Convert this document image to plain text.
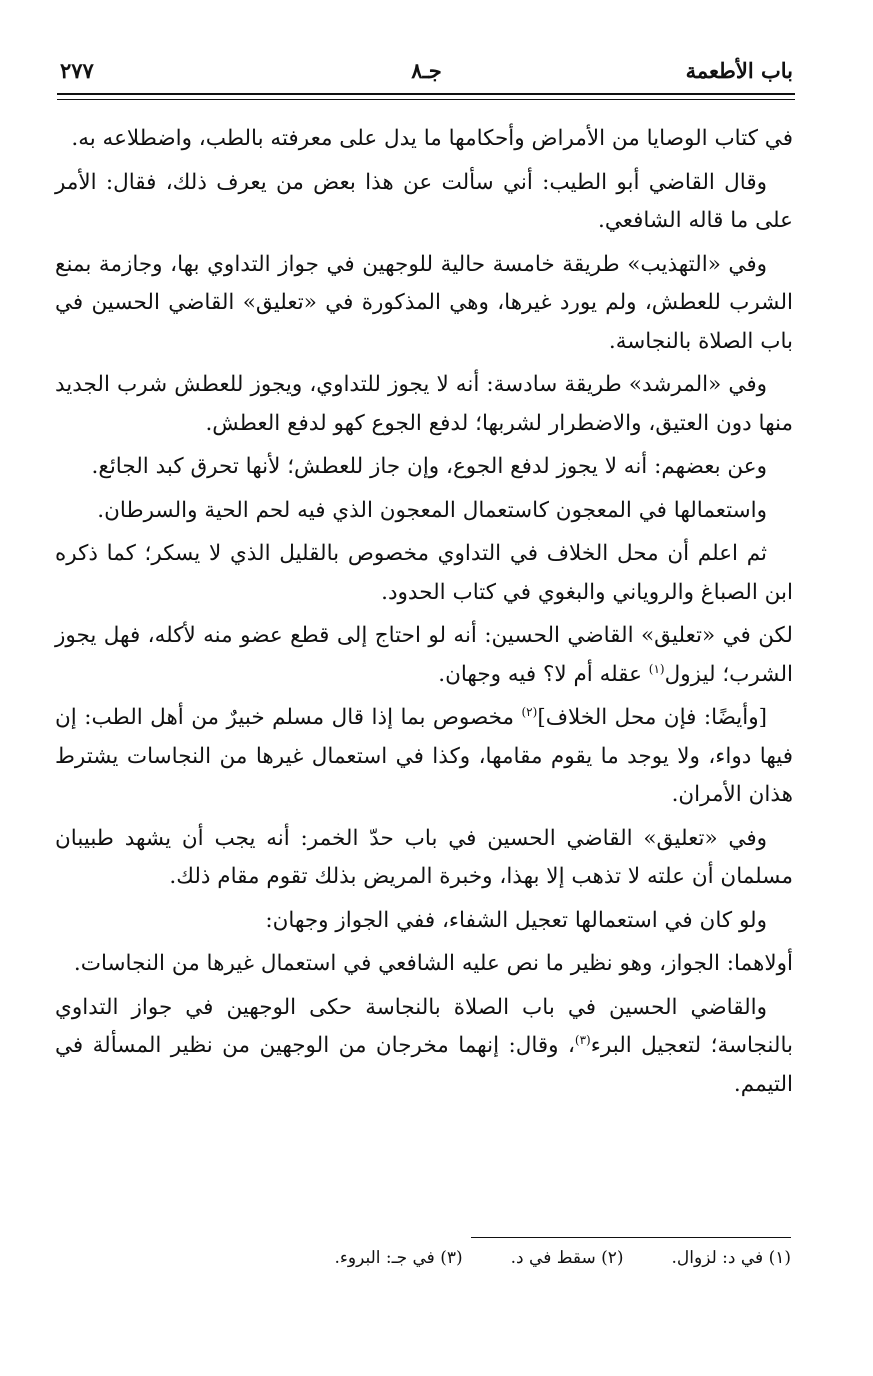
باب الأطعمة
جـ٨
٢٧٧

في كتاب الوصايا من الأمراض وأحكامها ما يدل على معرفته بالطب، واضطلاعه به.

وقال القاضي أبو الطيب: أني سألت عن هذا بعض من يعرف ذلك، فقال: الأمر على ما قاله الشافعي.

وفي «التهذيب» طريقة خامسة حالية للوجهين في جواز التداوي بها، وجازمة بمنع الشرب للعطش، ولم يورد غيرها، وهي المذكورة في «تعليق» القاضي الحسين في باب الصلاة بالنجاسة.

وفي «المرشد» طريقة سادسة: أنه لا يجوز للتداوي، ويجوز للعطش شرب الجديد منها دون العتيق، والاضطرار لشربها؛ لدفع الجوع كهو لدفع العطش.

وعن بعضهم: أنه لا يجوز لدفع الجوع، وإن جاز للعطش؛ لأنها تحرق كبد الجائع.

واستعمالها في المعجون كاستعمال المعجون الذي فيه لحم الحية والسرطان.

ثم اعلم أن محل الخلاف في التداوي مخصوص بالقليل الذي لا يسكر؛ كما ذكره ابن الصباغ والروياني والبغوي في كتاب الحدود.

لكن في «تعليق» القاضي الحسين: أنه لو احتاج إلى قطع عضو منه لأكله، فهل يجوز الشرب؛ ليزول$^{(١)}$ عقله أم لا؟ فيه وجهان.

[وأيضًا: فإن محل الخلاف]$^{(٢)}$ مخصوص بما إذا قال مسلم خبيرٌ من أهل الطب: إن فيها دواء، ولا يوجد ما يقوم مقامها، وكذا في استعمال غيرها من النجاسات يشترط هذان الأمران.

وفي «تعليق» القاضي الحسين في باب حدّ الخمر: أنه يجب أن يشهد طبيبان مسلمان أن علته لا تذهب إلا بهذا، وخبرة المريض بذلك تقوم مقام ذلك.

ولو كان في استعمالها تعجيل الشفاء، ففي الجواز وجهان:

أولاهما: الجواز، وهو نظير ما نص عليه الشافعي في استعمال غيرها من النجاسات.

والقاضي الحسين في باب الصلاة بالنجاسة حكى الوجهين في جواز التداوي بالنجاسة؛ لتعجيل البرء$^{(٣)}$، وقال: إنهما مخرجان من الوجهين من نظير المسألة في التيمم.

(١) في د: لزوال.
(٢) سقط في د.
(٣) في جـ: البروء.
